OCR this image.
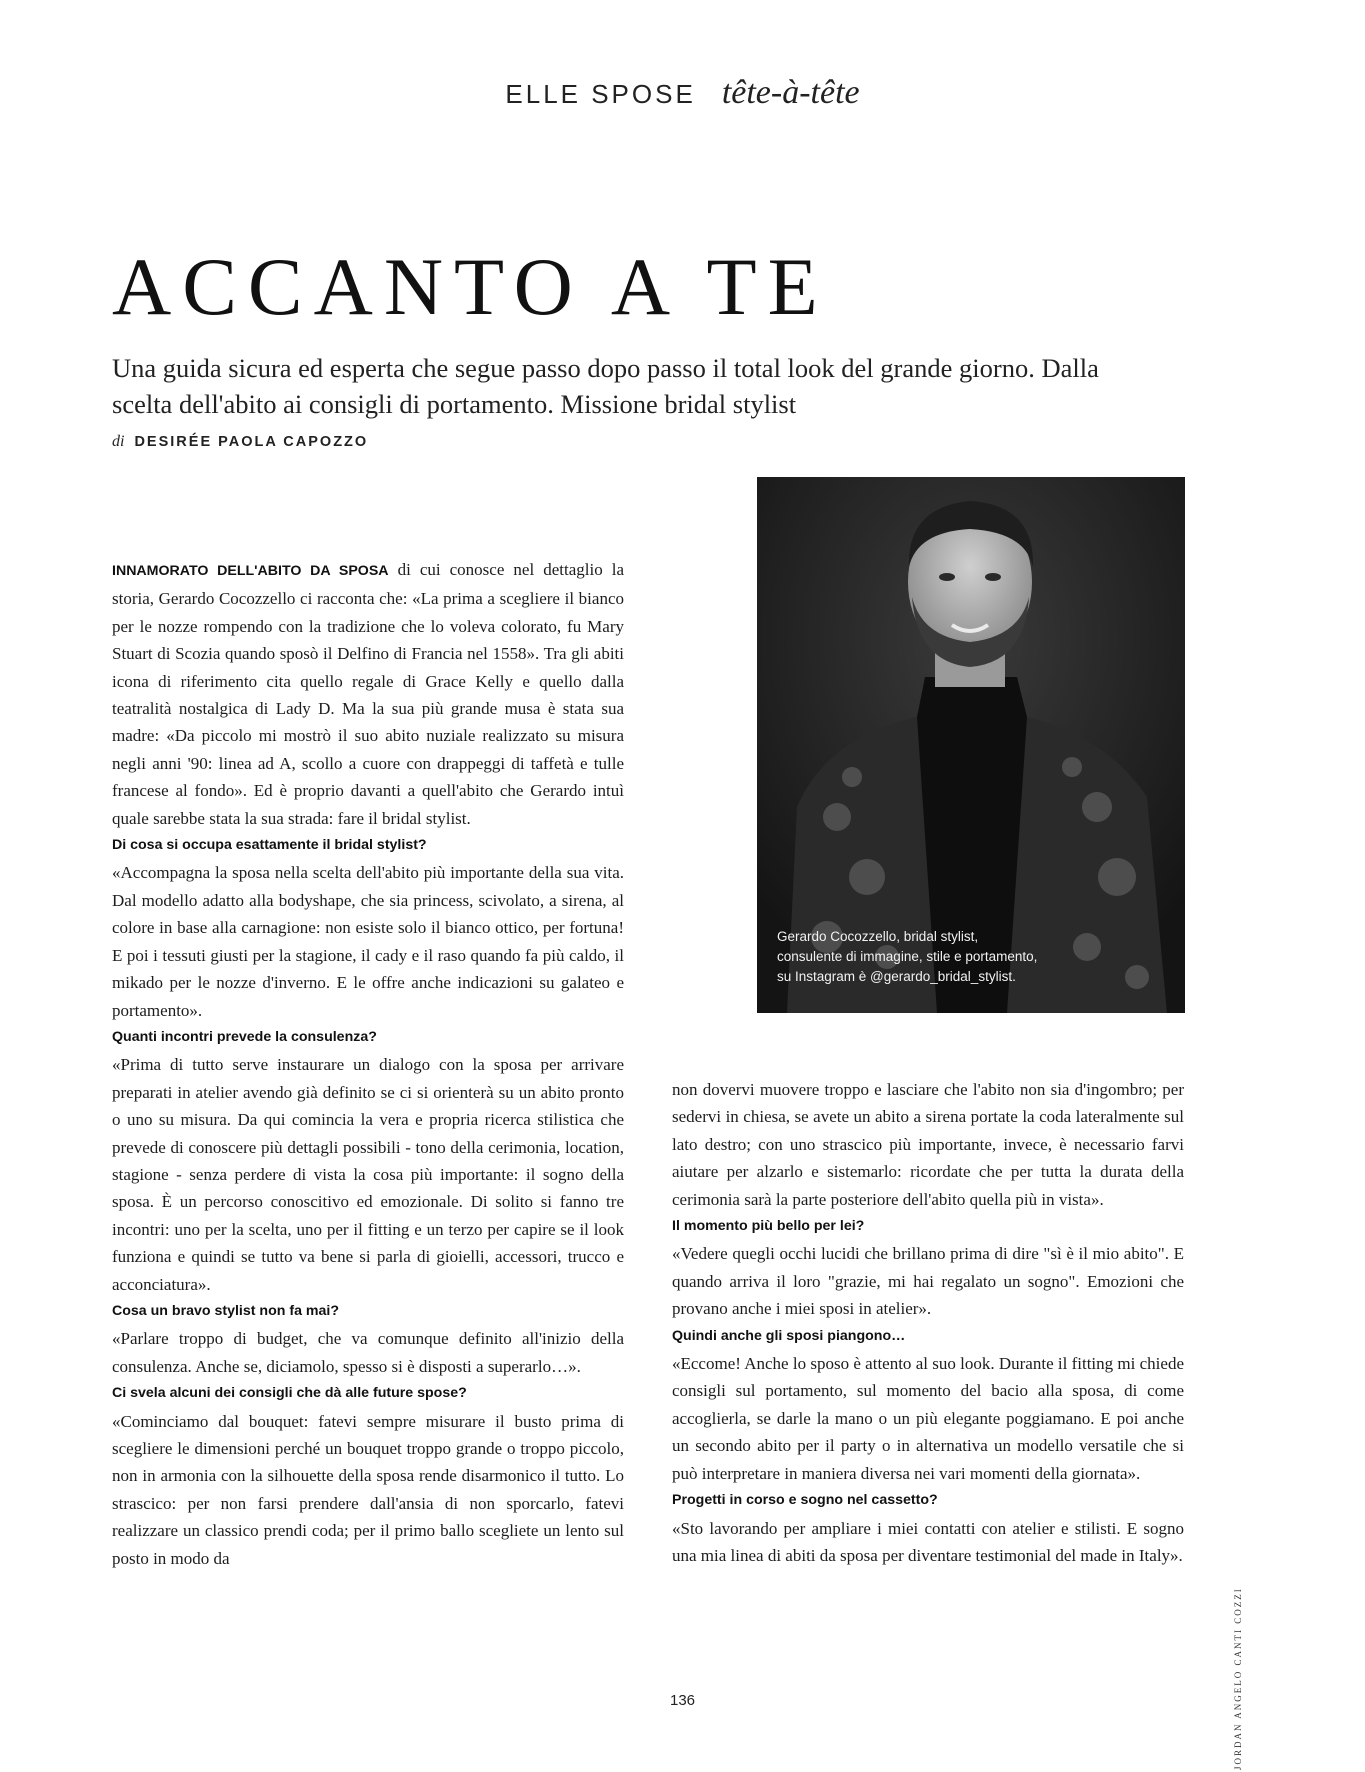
ELLE SPOSE tête-à-tête
ACCANTO A TE

Una guida sicura ed esperta che segue passo dopo passo il total look del grande giorno. Dalla scelta dell'abito ai consigli di portamento. Missione bridal stylist

di DESIRÉE PAOLA CAPOZZO
Gerardo Cocozzello, bridal stylist,
consulente di immagine, stile e portamento,
su Instagram è @gerardo_bridal_stylist.

INNAMORATO DELL'ABITO DA SPOSA di cui conosce nel dettaglio la storia, Gerardo Cocozzello ci racconta che: «La prima a scegliere il bianco per le nozze rompendo con la tradizione che lo voleva colorato, fu Mary Stuart di Scozia quando sposò il Delfino di Francia nel 1558». Tra gli abiti icona di riferimento cita quello regale di Grace Kelly e quello dalla teatralità nostalgica di Lady D. Ma la sua più grande musa è stata sua madre: «Da piccolo mi mostrò il suo abito nuziale realizzato su misura negli anni '90: linea ad A, scollo a cuore con drappeggi di taffetà e tulle francese al fondo». Ed è proprio davanti a quell'abito che Gerardo intuì quale sarebbe stata la sua strada: fare il bridal stylist.

Di cosa si occupa esattamente il bridal stylist?

«Accompagna la sposa nella scelta dell'abito più importante della sua vita. Dal modello adatto alla bodyshape, che sia princess, scivolato, a sirena, al colore in base alla carnagione: non esiste solo il bianco ottico, per fortuna! E poi i tessuti giusti per la stagione, il cady e il raso quando fa più caldo, il mikado per le nozze d'inverno. E le offre anche indicazioni su galateo e portamento».

Quanti incontri prevede la consulenza?

«Prima di tutto serve instaurare un dialogo con la sposa per arrivare preparati in atelier avendo già definito se ci si orienterà su un abito pronto o uno su misura. Da qui comincia la vera e propria ricerca stilistica che prevede di conoscere più dettagli possibili - tono della cerimonia, location, stagione - senza perdere di vista la cosa più importante: il sogno della sposa. È un percorso conoscitivo ed emozionale. Di solito si fanno tre incontri: uno per la scelta, uno per il fitting e un terzo per capire se il look funziona e quindi se tutto va bene si parla di gioielli, accessori, trucco e acconciatura».

Cosa un bravo stylist non fa mai?

«Parlare troppo di budget, che va comunque definito all'inizio della consulenza. Anche se, diciamolo, spesso si è disposti a superarlo…».

Ci svela alcuni dei consigli che dà alle future spose?

«Cominciamo dal bouquet: fatevi sempre misurare il busto prima di scegliere le dimensioni perché un bouquet troppo grande o troppo piccolo, non in armonia con la silhouette della sposa rende disarmonico il tutto. Lo strascico: per non farsi prendere dall'ansia di non sporcarlo, fatevi realizzare un classico prendi coda; per il primo ballo scegliete un lento sul posto in modo da

non dovervi muovere troppo e lasciare che l'abito non sia d'ingombro; per sedervi in chiesa, se avete un abito a sirena portate la coda lateralmente sul lato destro; con uno strascico più importante, invece, è necessario farvi aiutare per alzarlo e sistemarlo: ricordate che per tutta la durata della cerimonia sarà la parte posteriore dell'abito quella più in vista».

Il momento più bello per lei?

«Vedere quegli occhi lucidi che brillano prima di dire "sì è il mio abito". E quando arriva il loro "grazie, mi hai regalato un sogno". Emozioni che provano anche i miei sposi in atelier».

Quindi anche gli sposi piangono…

«Eccome! Anche lo sposo è attento al suo look. Durante il fitting mi chiede consigli sul portamento, sul momento del bacio alla sposa, di come accoglierla, se darle la mano o un più elegante poggiamano. E poi anche un secondo abito per il party o in alternativa un modello versatile che si può interpretare in maniera diversa nei vari momenti della giornata».

Progetti in corso e sogno nel cassetto?

«Sto lavorando per ampliare i miei contatti con atelier e stilisti. E sogno una mia linea di abiti da sposa per diventare testimonial del made in Italy».

JORDAN ANGELO CANTI COZZI
136
